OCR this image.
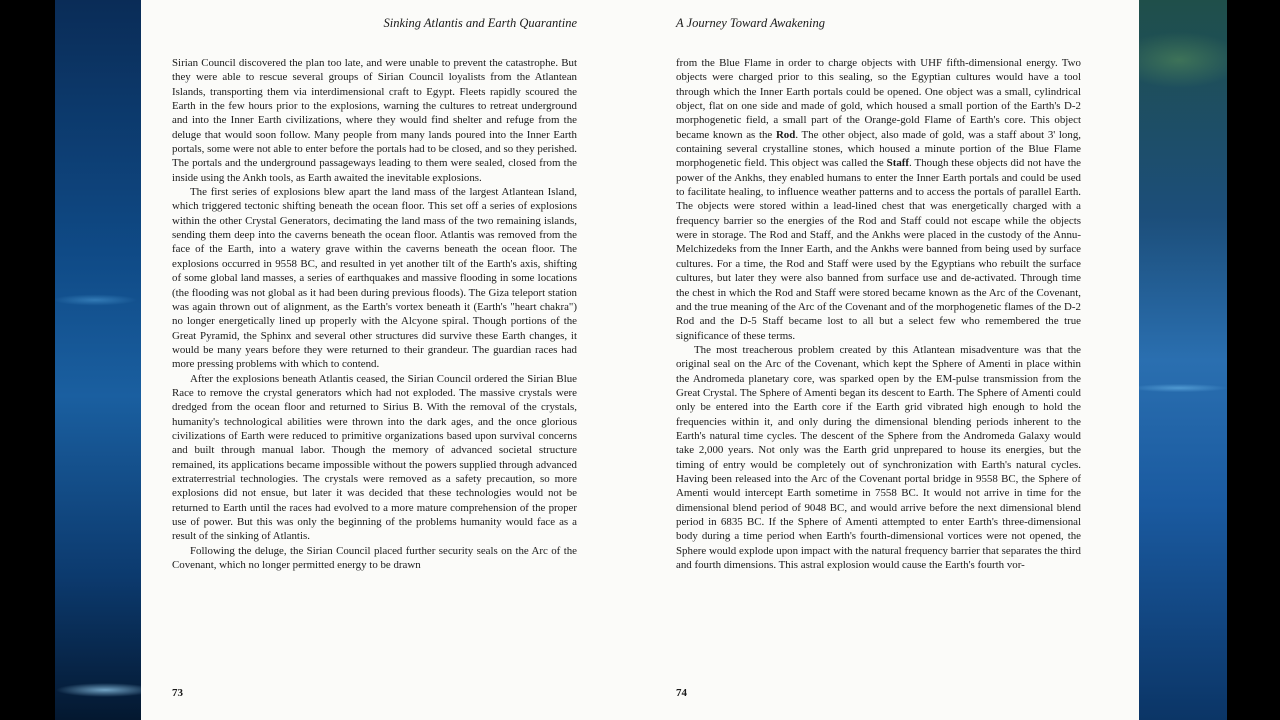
Sinking Atlantis and Earth Quarantine

Sirian Council discovered the plan too late, and were unable to prevent the catastrophe. But they were able to rescue several groups of Sirian Council loyalists from the Atlantean Islands, transporting them via interdimensional craft to Egypt. Fleets rapidly scoured the Earth in the few hours prior to the explosions, warning the cultures to retreat underground and into the Inner Earth civilizations, where they would find shelter and refuge from the deluge that would soon follow. Many people from many lands poured into the Inner Earth portals, some were not able to enter before the portals had to be closed, and so they perished. The portals and the underground passageways leading to them were sealed, closed from the inside using the Ankh tools, as Earth awaited the inevitable explosions.

The first series of explosions blew apart the land mass of the largest Atlantean Island, which triggered tectonic shifting beneath the ocean floor. This set off a series of explosions within the other Crystal Generators, decimating the land mass of the two remaining islands, sending them deep into the caverns beneath the ocean floor. Atlantis was removed from the face of the Earth, into a watery grave within the caverns beneath the ocean floor. The explosions occurred in 9558 BC, and resulted in yet another tilt of the Earth's axis, shifting of some global land masses, a series of earthquakes and massive flooding in some locations (the flooding was not global as it had been during previous floods). The Giza teleport station was again thrown out of alignment, as the Earth's vortex beneath it (Earth's "heart chakra") no longer energetically lined up properly with the Alcyone spiral. Though portions of the Great Pyramid, the Sphinx and several other structures did survive these Earth changes, it would be many years before they were returned to their grandeur. The guardian races had more pressing problems with which to contend.

After the explosions beneath Atlantis ceased, the Sirian Council ordered the Sirian Blue Race to remove the crystal generators which had not exploded. The massive crystals were dredged from the ocean floor and returned to Sirius B. With the removal of the crystals, humanity's technological abilities were thrown into the dark ages, and the once glorious civilizations of Earth were reduced to primitive organizations based upon survival concerns and built through manual labor. Though the memory of advanced societal structure remained, its applications became impossible without the powers supplied through advanced extraterrestrial technologies. The crystals were removed as a safety precaution, so more explosions did not ensue, but later it was decided that these technologies would not be returned to Earth until the races had evolved to a more mature comprehension of the proper use of power. But this was only the beginning of the problems humanity would face as a result of the sinking of Atlantis.

Following the deluge, the Sirian Council placed further security seals on the Arc of the Covenant, which no longer permitted energy to be drawn

73
A Journey Toward Awakening

from the Blue Flame in order to charge objects with UHF fifth-dimensional energy. Two objects were charged prior to this sealing, so the Egyptian cultures would have a tool through which the Inner Earth portals could be opened. One object was a small, cylindrical object, flat on one side and made of gold, which housed a small portion of the Earth's D-2 morphogenetic field, a small part of the Orange-gold Flame of Earth's core. This object became known as the Rod. The other object, also made of gold, was a staff about 3' long, containing several crystalline stones, which housed a minute portion of the Blue Flame morphogenetic field. This object was called the Staff. Though these objects did not have the power of the Ankhs, they enabled humans to enter the Inner Earth portals and could be used to facilitate healing, to influence weather patterns and to access the portals of parallel Earth. The objects were stored within a lead-lined chest that was energetically charged with a frequency barrier so the energies of the Rod and Staff could not escape while the objects were in storage. The Rod and Staff, and the Ankhs were placed in the custody of the Annu-Melchizedeks from the Inner Earth, and the Ankhs were banned from being used by surface cultures. For a time, the Rod and Staff were used by the Egyptians who rebuilt the surface cultures, but later they were also banned from surface use and de-activated. Through time the chest in which the Rod and Staff were stored became known as the Arc of the Covenant, and the true meaning of the Arc of the Covenant and of the morphogenetic flames of the D-2 Rod and the D-5 Staff became lost to all but a select few who remembered the true significance of these terms.

The most treacherous problem created by this Atlantean misadventure was that the original seal on the Arc of the Covenant, which kept the Sphere of Amenti in place within the Andromeda planetary core, was sparked open by the EM-pulse transmission from the Great Crystal. The Sphere of Amenti began its descent to Earth. The Sphere of Amenti could only be entered into the Earth core if the Earth grid vibrated high enough to hold the frequencies within it, and only during the dimensional blending periods inherent to the Earth's natural time cycles. The descent of the Sphere from the Andromeda Galaxy would take 2,000 years. Not only was the Earth grid unprepared to house its energies, but the timing of entry would be completely out of synchronization with Earth's natural cycles. Having been released into the Arc of the Covenant portal bridge in 9558 BC, the Sphere of Amenti would intercept Earth sometime in 7558 BC. It would not arrive in time for the dimensional blend period of 9048 BC, and would arrive before the next dimensional blend period in 6835 BC. If the Sphere of Amenti attempted to enter Earth's three-dimensional body during a time period when Earth's fourth-dimensional vortices were not opened, the Sphere would explode upon impact with the natural frequency barrier that separates the third and fourth dimensions. This astral explosion would cause the Earth's fourth vor-

74
